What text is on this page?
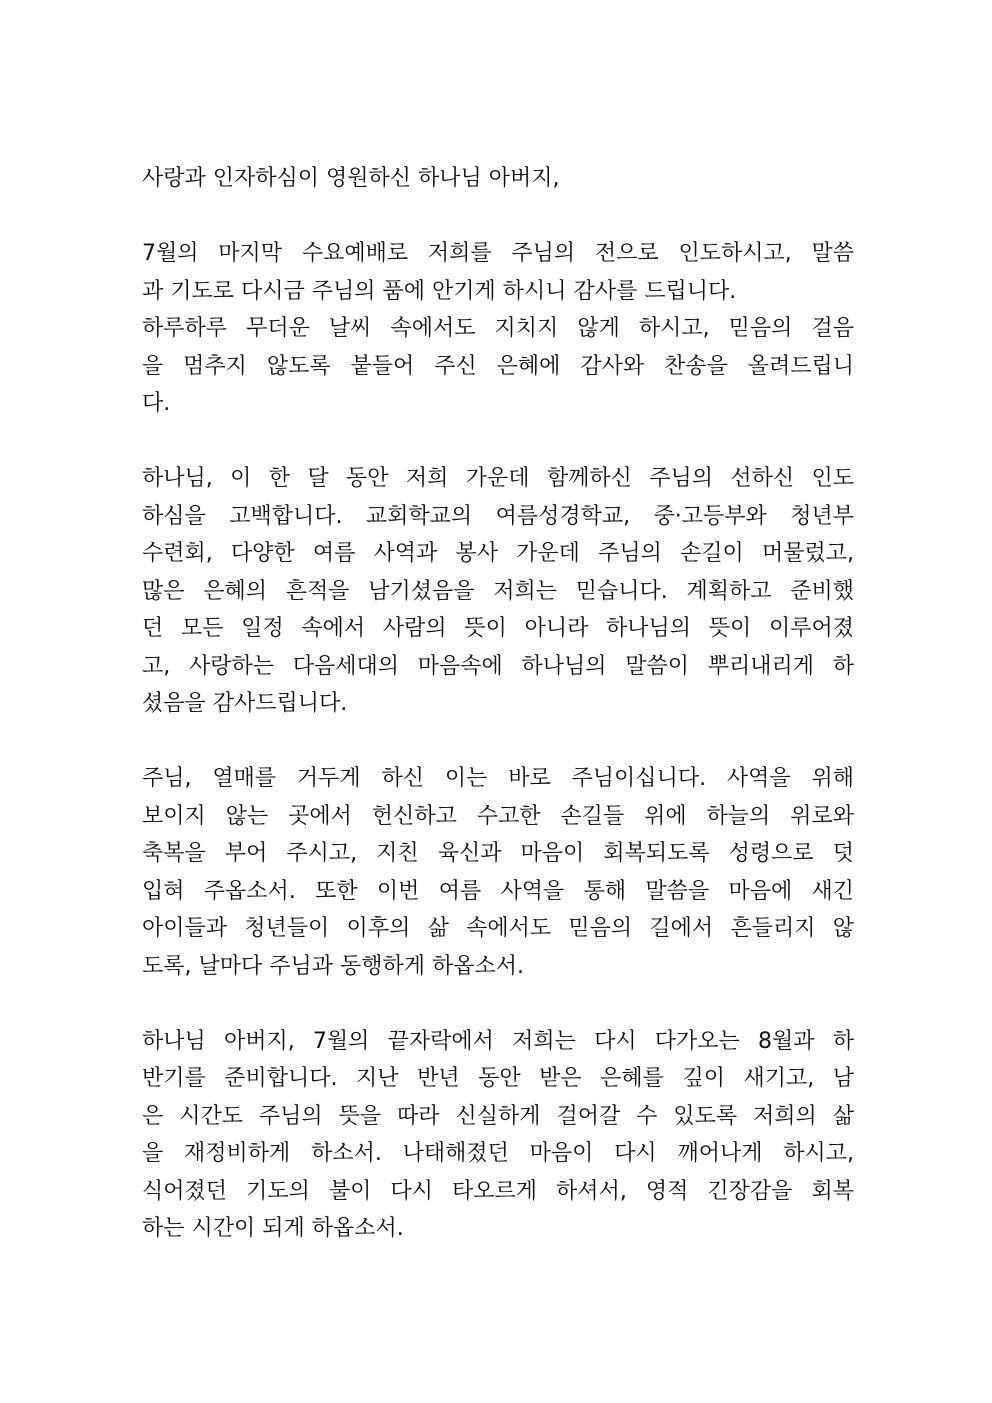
사랑과 인자하심이 영원하신 하나님 아버지,
7월의 마지막 수요예배로 저희를 주님의 전으로 인도하시고, 말씀
과 기도로 다시금 주님의 품에 안기게 하시니 감사를 드립니다.
하루하루 무더운 날씨 속에서도 지치지 않게 하시고, 믿음의 걸음
을 멈추지 않도록 붙들어 주신 은혜에 감사와 찬송을 올려드립니
다.
하나님, 이 한 달 동안 저희 가운데 함께하신 주님의 선하신 인도
하심을 고백합니다. 교회학교의 여름성경학교, 중·고등부와 청년부
수련회, 다양한 여름 사역과 봉사 가운데 주님의 손길이 머물렀고,
많은 은혜의 흔적을 남기셨음을 저희는 믿습니다. 계획하고 준비했
던 모든 일정 속에서 사람의 뜻이 아니라 하나님의 뜻이 이루어졌
고, 사랑하는 다음세대의 마음속에 하나님의 말씀이 뿌리내리게 하
셨음을 감사드립니다.
주님, 열매를 거두게 하신 이는 바로 주님이십니다. 사역을 위해
보이지 않는 곳에서 헌신하고 수고한 손길들 위에 하늘의 위로와
축복을 부어 주시고, 지친 육신과 마음이 회복되도록 성령으로 덧
입혀 주옵소서. 또한 이번 여름 사역을 통해 말씀을 마음에 새긴
아이들과 청년들이 이후의 삶 속에서도 믿음의 길에서 흔들리지 않
도록, 날마다 주님과 동행하게 하옵소서.
하나님 아버지, 7월의 끝자락에서 저희는 다시 다가오는 8월과 하
반기를 준비합니다. 지난 반년 동안 받은 은혜를 깊이 새기고, 남
은 시간도 주님의 뜻을 따라 신실하게 걸어갈 수 있도록 저희의 삶
을 재정비하게 하소서. 나태해졌던 마음이 다시 깨어나게 하시고,
식어졌던 기도의 불이 다시 타오르게 하셔서, 영적 긴장감을 회복
하는 시간이 되게 하옵소서.
